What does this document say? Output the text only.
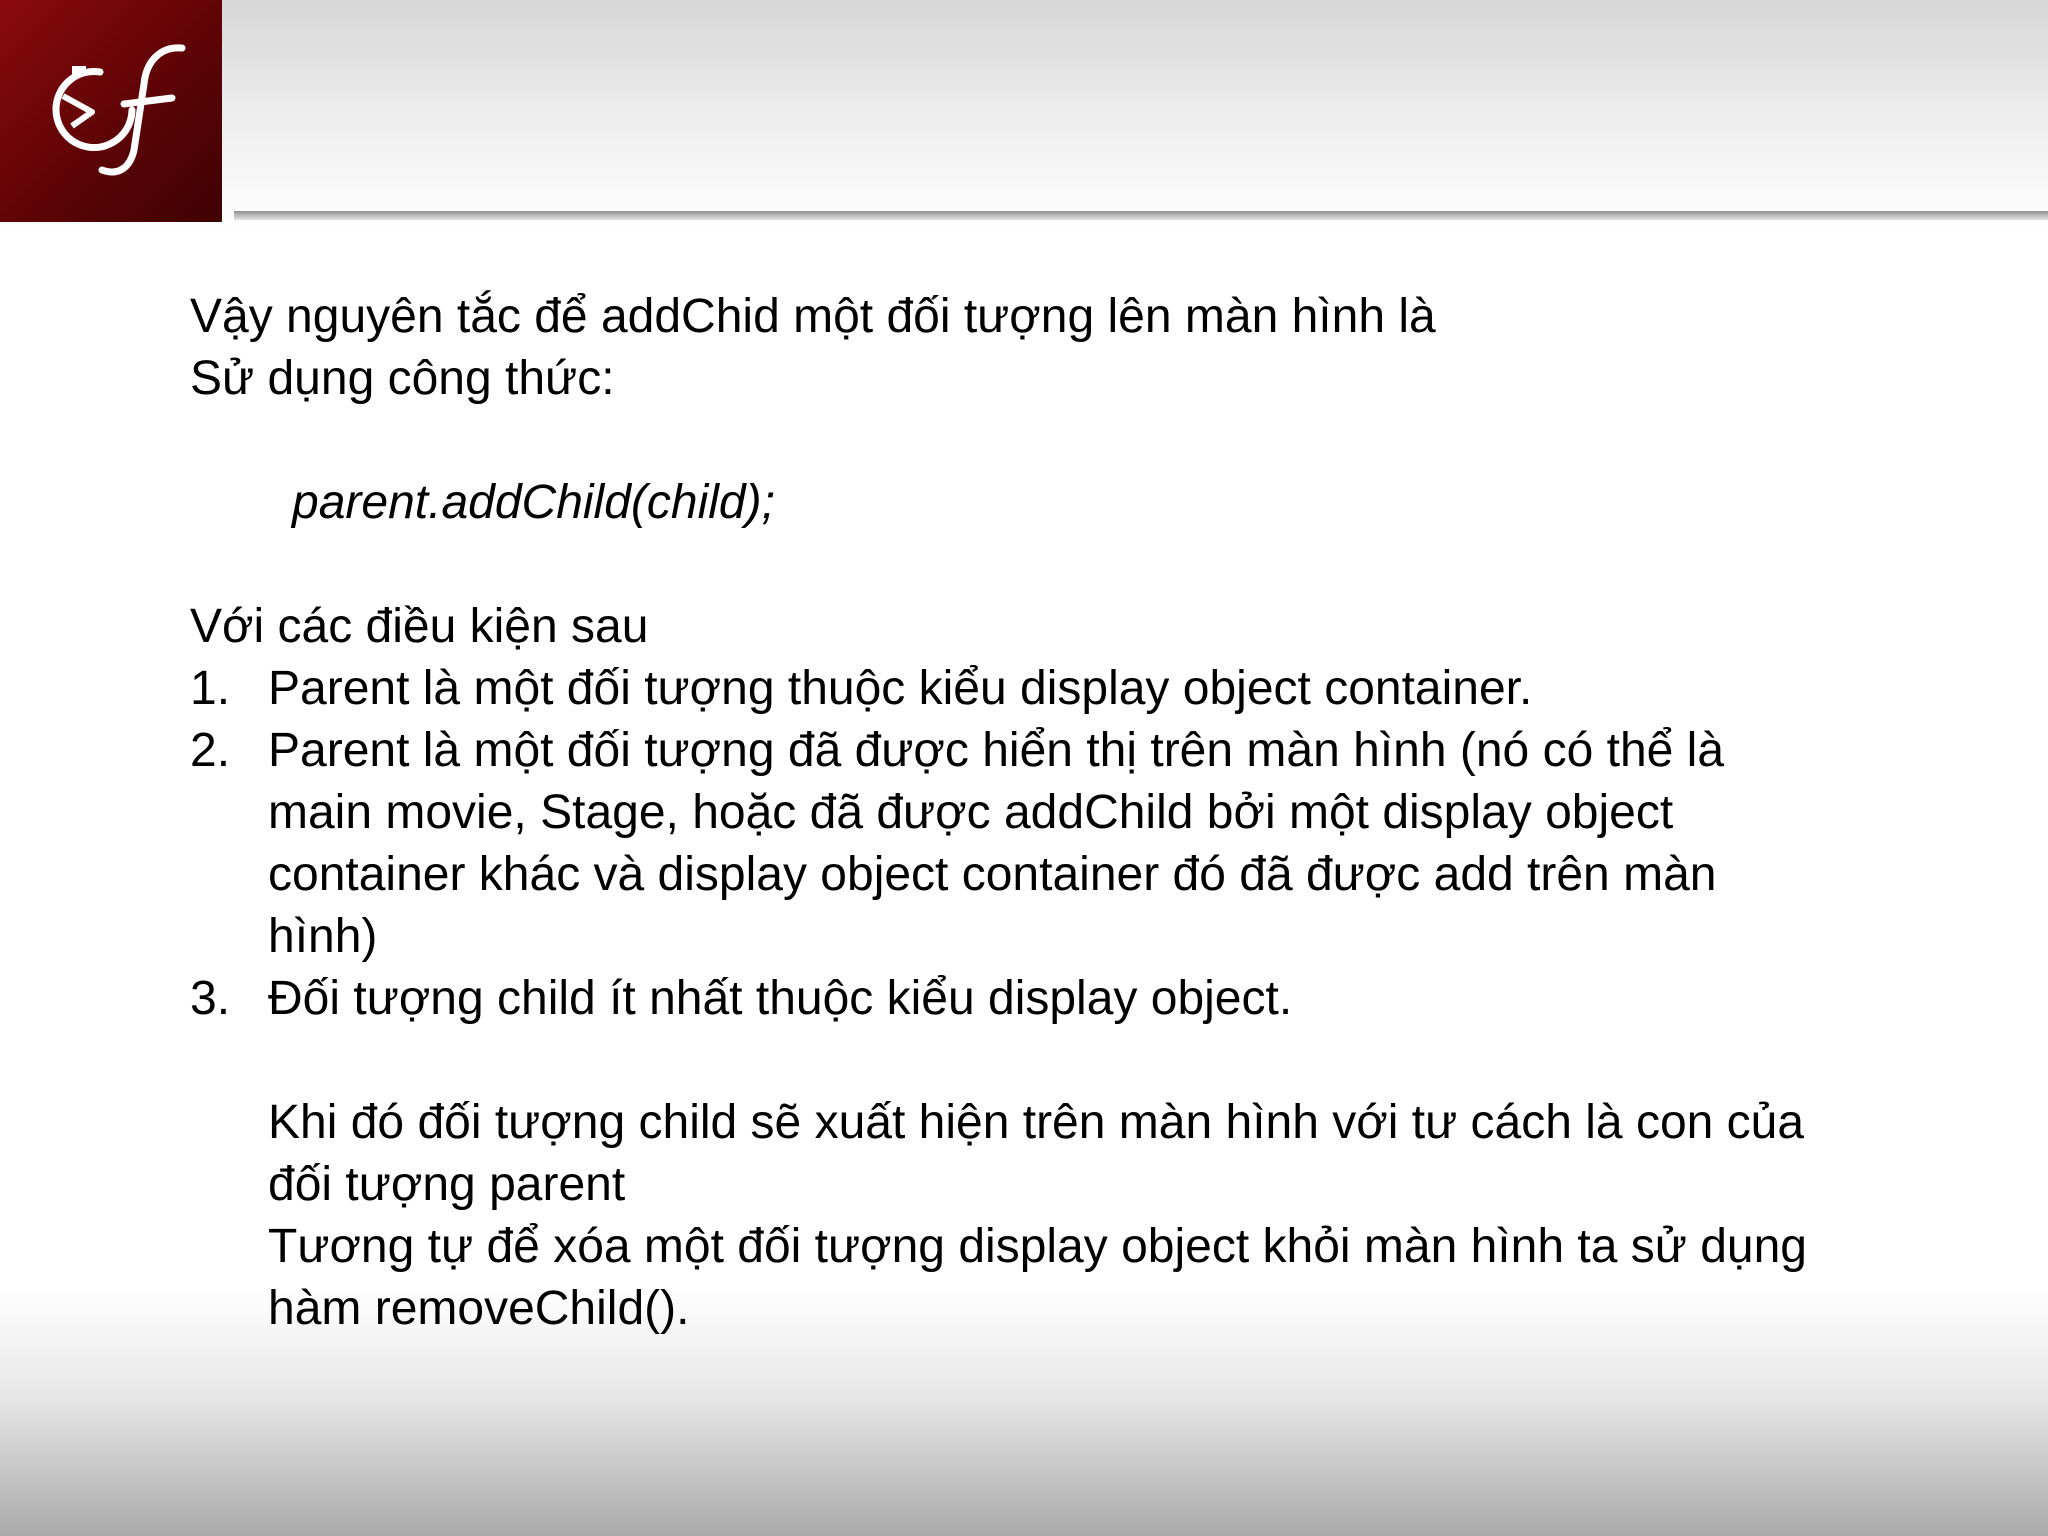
Vậy nguyên tắc để addChid một đối tượng lên màn hình là
Sử dụng công thức:
parent.addChild(child);
Với các điều kiện sau
1. Parent là một đối tượng thuộc kiểu display object container.
2. Parent là một đối tượng đã được hiển thị trên màn hình (nó có thể là main movie, Stage, hoặc đã được addChild bởi một display object container khác và display object container đó đã được add trên màn hình)
3. Đối tượng child ít nhất thuộc kiểu display object.
Khi đó đối tượng child sẽ xuất hiện trên màn hình với tư cách là con của đối tượng parent
Tương tự để xóa một đối tượng display object khỏi màn hình ta sử dụng hàm removeChild().
